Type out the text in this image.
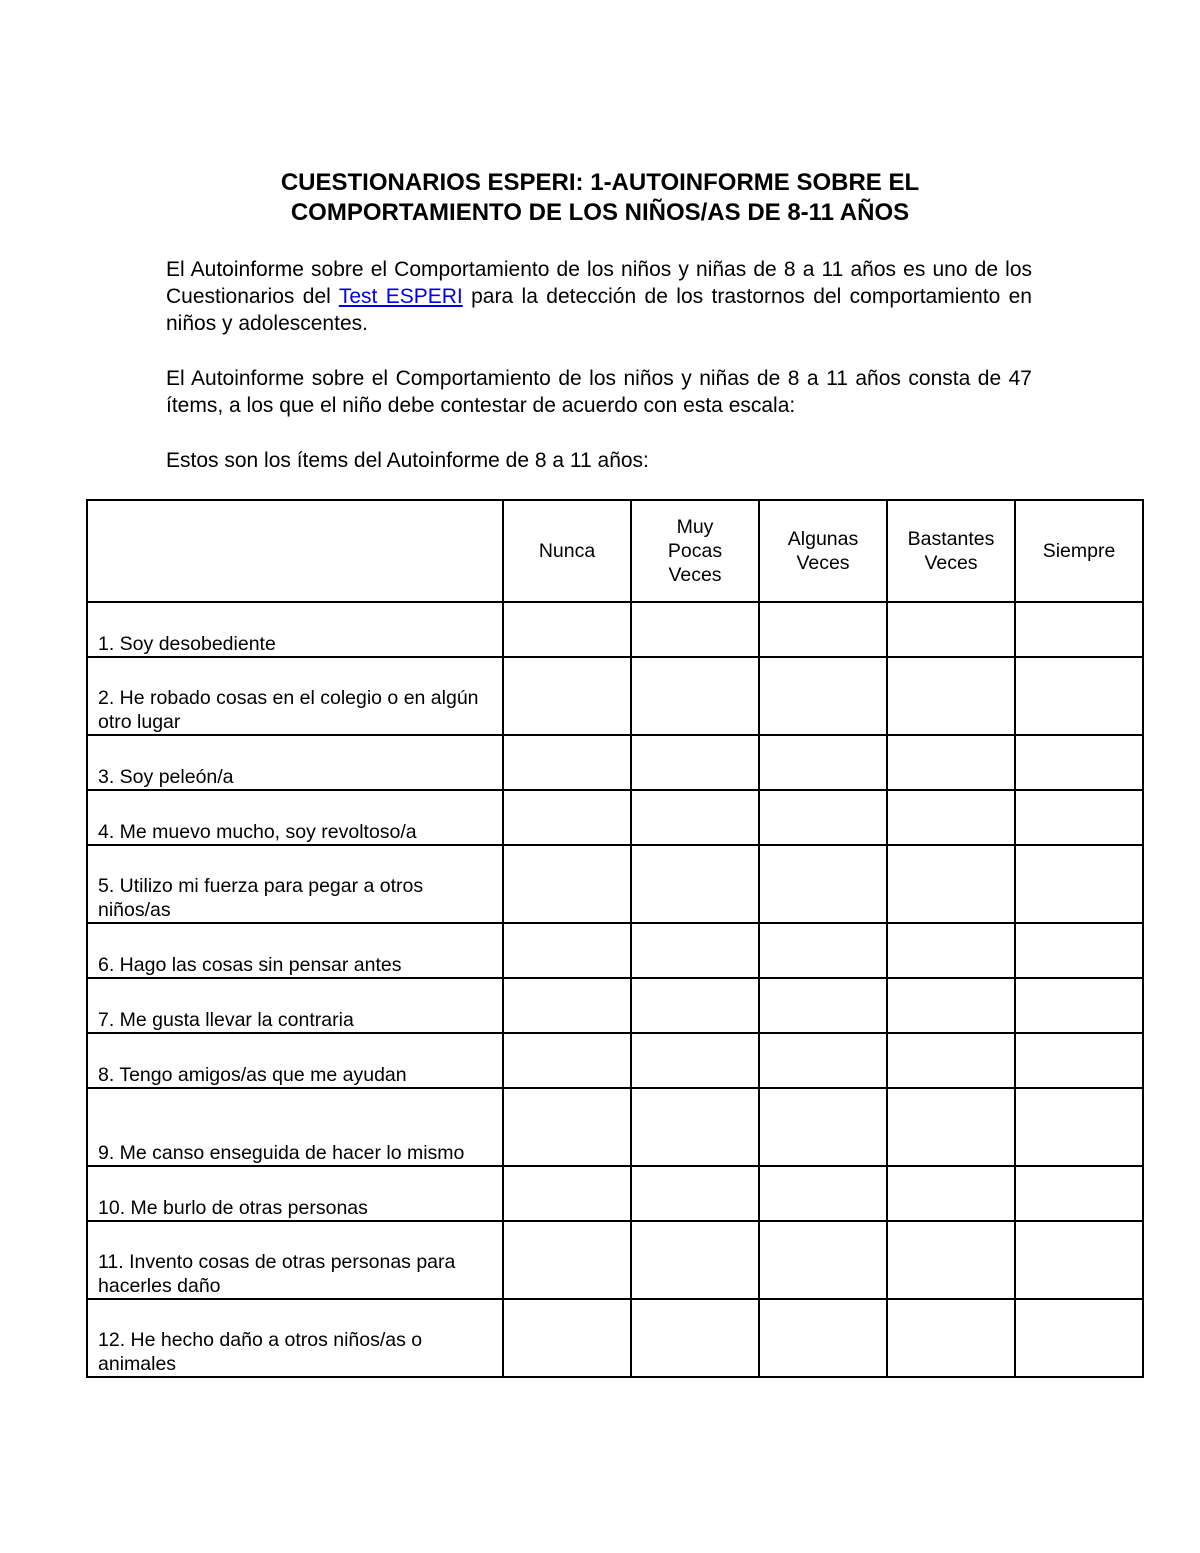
CUESTIONARIOS ESPERI: 1-AUTOINFORME SOBRE EL
COMPORTAMIENTO DE LOS NIÑOS/AS DE 8-11 AÑOS
El Autoinforme sobre el Comportamiento de los niños y niñas de 8 a 11 años es uno de los Cuestionarios del Test ESPERI para la detección de los trastornos del comportamiento en niños y adolescentes.
El Autoinforme sobre el Comportamiento de los niños y niñas de 8 a 11 años consta de 47 ítems, a los que el niño debe contestar de acuerdo con esta escala:
Estos son los ítems del Autoinforme de 8 a 11 años:
	Nunca	Muy Pocas Veces	Algunas Veces	Bastantes Veces	Siempre
1. Soy desobediente					
2. He robado cosas en el colegio o en algún otro lugar					
3. Soy peleón/a					
4. Me muevo mucho, soy revoltoso/a					
5. Utilizo mi fuerza para pegar a otros niños/as					
6. Hago las cosas sin pensar antes					
7. Me gusta llevar la contraria					
8. Tengo amigos/as que me ayudan					
9. Me canso enseguida de hacer lo mismo					
10. Me burlo de otras personas					
11. Invento cosas de otras personas para hacerles daño					
12. He hecho daño a otros niños/as o animales					
